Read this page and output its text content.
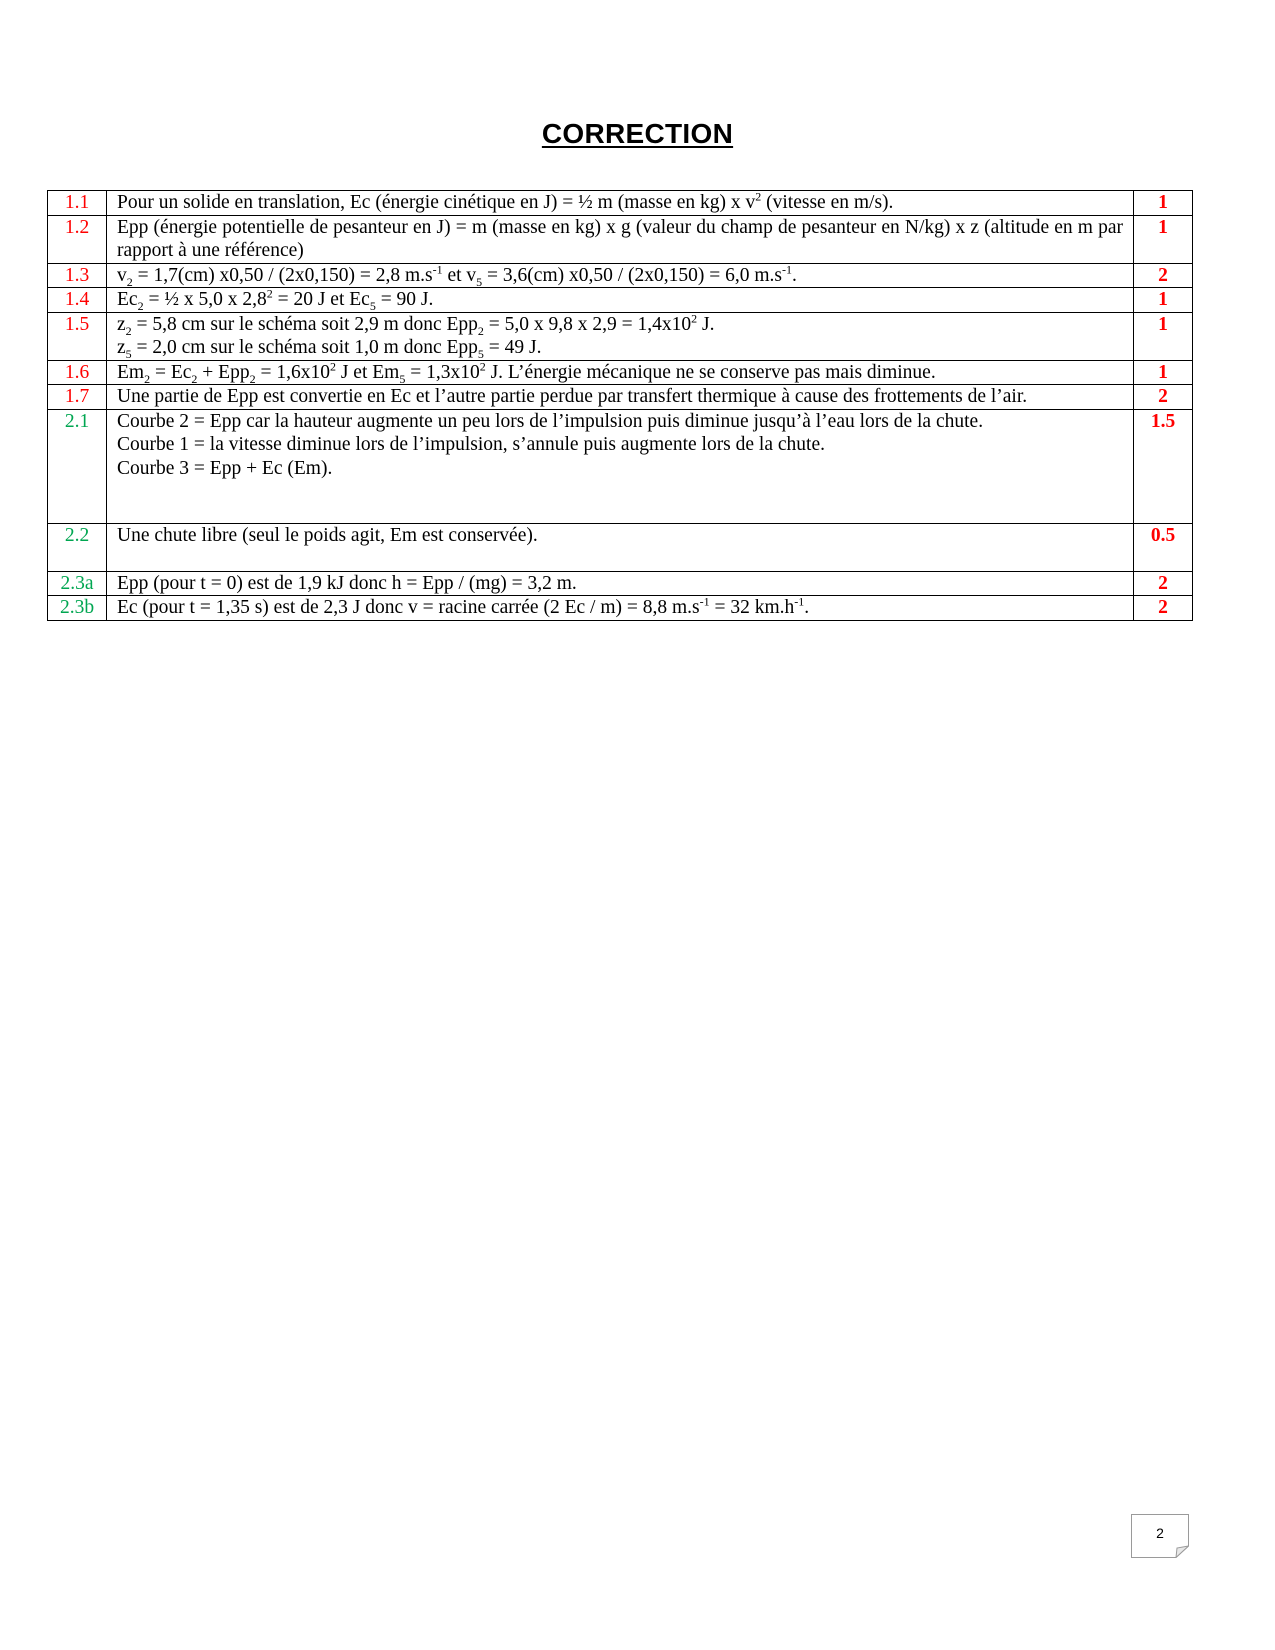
CORRECTION
1.1	Pour un solide en translation, Ec (énergie cinétique en J) = ½ m (masse en kg) x $v^2$ (vitesse en m/s).	1
1.2	Epp (énergie potentielle de pesanteur en J) = m (masse en kg) x g (valeur du champ de pesanteur en N/kg) x z (altitude en m par rapport à une référence)	1
1.3	$v_2 = 1,7(cm)$ x0,50 / (2x0,150) = 2,8 $m.s^{-1}$ et $v_5 = 3,6(cm)$ x0,50 / (2x0,150) = 6,0 $m.s^{-1}$.	2
1.4	$Ec_2$ = ½ x 5,0 x $2,8^2 = 20$ J et $Ec_5 = 90$ J.	1
1.5	$z_2 = 5,8$ cm sur le schéma soit 2,9 m donc Epp$_2$ = 5,0 x 9,8 x $2,9 = 1,4x10^2$ J.
$z_5 = 2,0$ cm sur le schéma soit 1,0 m donc Epp$_5$ = 49 J.	1
1.6	$Em_2 = Ec_2 + Epp_2 = 1,6x10^2$ J et $Em_5 = 1,3x10^2$ J. L’énergie mécanique ne se conserve pas mais diminue.	1
1.7	Une partie de Epp est convertie en Ec et l’autre partie perdue par transfert thermique à cause des frottements de l’air.	2
2.1	Courbe 2 = Epp car la hauteur augmente un peu lors de l’impulsion puis diminue jusqu’à l’eau lors de la chute.
Courbe 1 = la vitesse diminue lors de l’impulsion, s’annule puis augmente lors de la chute.
Courbe 3 = Epp + Ec (Em).	1.5
2.2	Une chute libre (seul le poids agit, Em est conservée).	0.5
2.3a	Epp (pour t = 0) est de 1,9 kJ donc h = Epp / (mg) = 3,2 m.	2
2.3b	Ec (pour t = 1,35 s) est de 2,3 J donc v = racine carrée (2 Ec / m) = 8,8 $m.s^{-1} = 32$ $km.h^{-1}$.	2
2
